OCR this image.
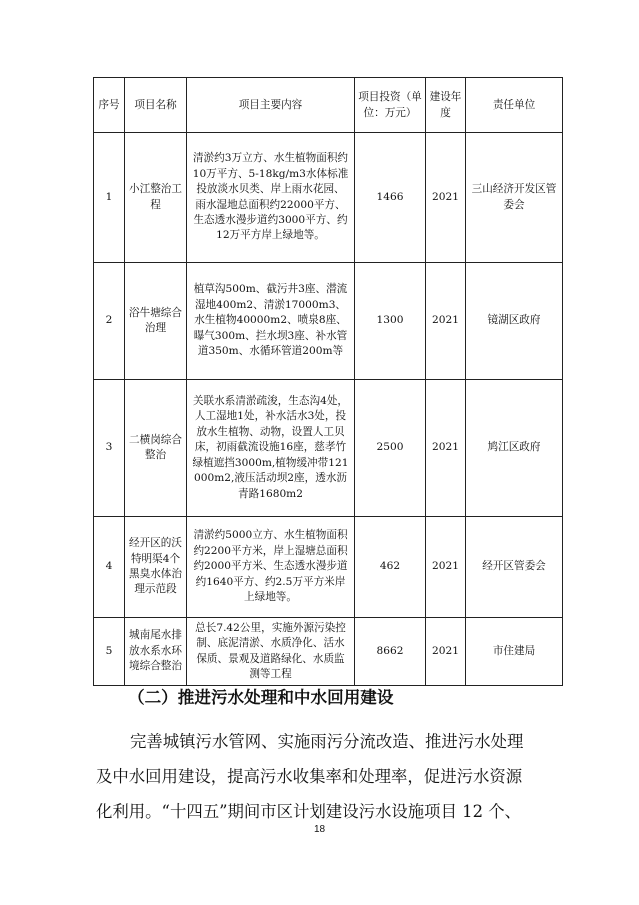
序号	项目名称	项目主要内容	项目投资（单位：万元）	建设年度	责任单位
1	小江整治工程	清淤约3万立方、水生植物面积约10万平方、5-18kg/m3水体标准投放淡水贝类、岸上雨水花园、雨水湿地总面积约22000平方、生态透水漫步道约3000平方、约12万平方岸上绿地等。	1466	2021	三山经济开发区管委会
2	浴牛塘综合治理	植草沟500m、截污井3座、潜流湿地400m2、清淤17000m3、水生植物40000m2、喷泉8座、曝气300m、拦水坝3座、补水管道350m、水循环管道200m等	1300	2021	镜湖区政府
3	二横岗综合整治	关联水系清淤疏浚，生态沟4处，人工湿地1处，补水活水3处，投放水生植物、动物，设置人工贝床，初雨截流设施16座，慈孝竹绿植遮挡3000m,植物缓冲带121000m2,液压活动坝2座，透水沥青路1680m2	2500	2021	鸠江区政府
4	经开区的沃特明渠4个黑臭水体治理示范段	清淤约5000立方、水生植物面积约2200平方米，岸上湿塘总面积约2000平方米、生态透水漫步道约1640平方、约2.5万平方米岸上绿地等。	462	2021	经开区管委会
5	城南尾水排放水系水环境综合整治	总长7.42公里，实施外源污染控制、底泥清淤、水质净化、活水保质、景观及道路绿化、水质监测等工程	8662	2021	市住建局
（二）推进污水处理和中水回用建设
完善城镇污水管网、实施雨污分流改造、推进污水处理
及中水回用建设，提高污水收集率和处理率，促进污水资源
化利用。“十四五”期间市区计划建设污水设施项目 12 个、
18
